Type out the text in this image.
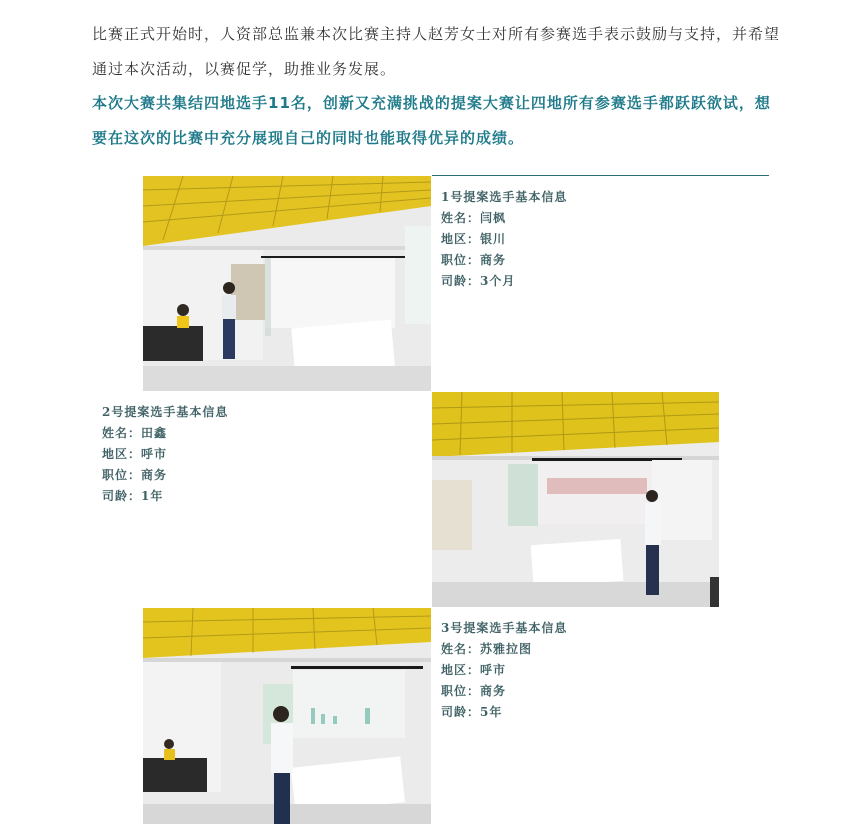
比赛正式开始时，人资部总监兼本次比赛主持人赵芳女士对所有参赛选手表示鼓励与支持，并希望通过本次活动，以赛促学，助推业务发展。

本次大赛共集结四地选手11名，创新又充满挑战的提案大赛让四地所有参赛选手都跃跃欲试，想要在这次的比赛中充分展现自己的同时也能取得优异的成绩。

1号提案选手基本信息
姓名：闫枫
地区：银川
职位：商务
司龄：3个月
2号提案选手基本信息
姓名：田鑫
地区：呼市
职位：商务
司龄：1年
3号提案选手基本信息
姓名：苏雅拉图
地区：呼市
职位：商务
司龄：5年
